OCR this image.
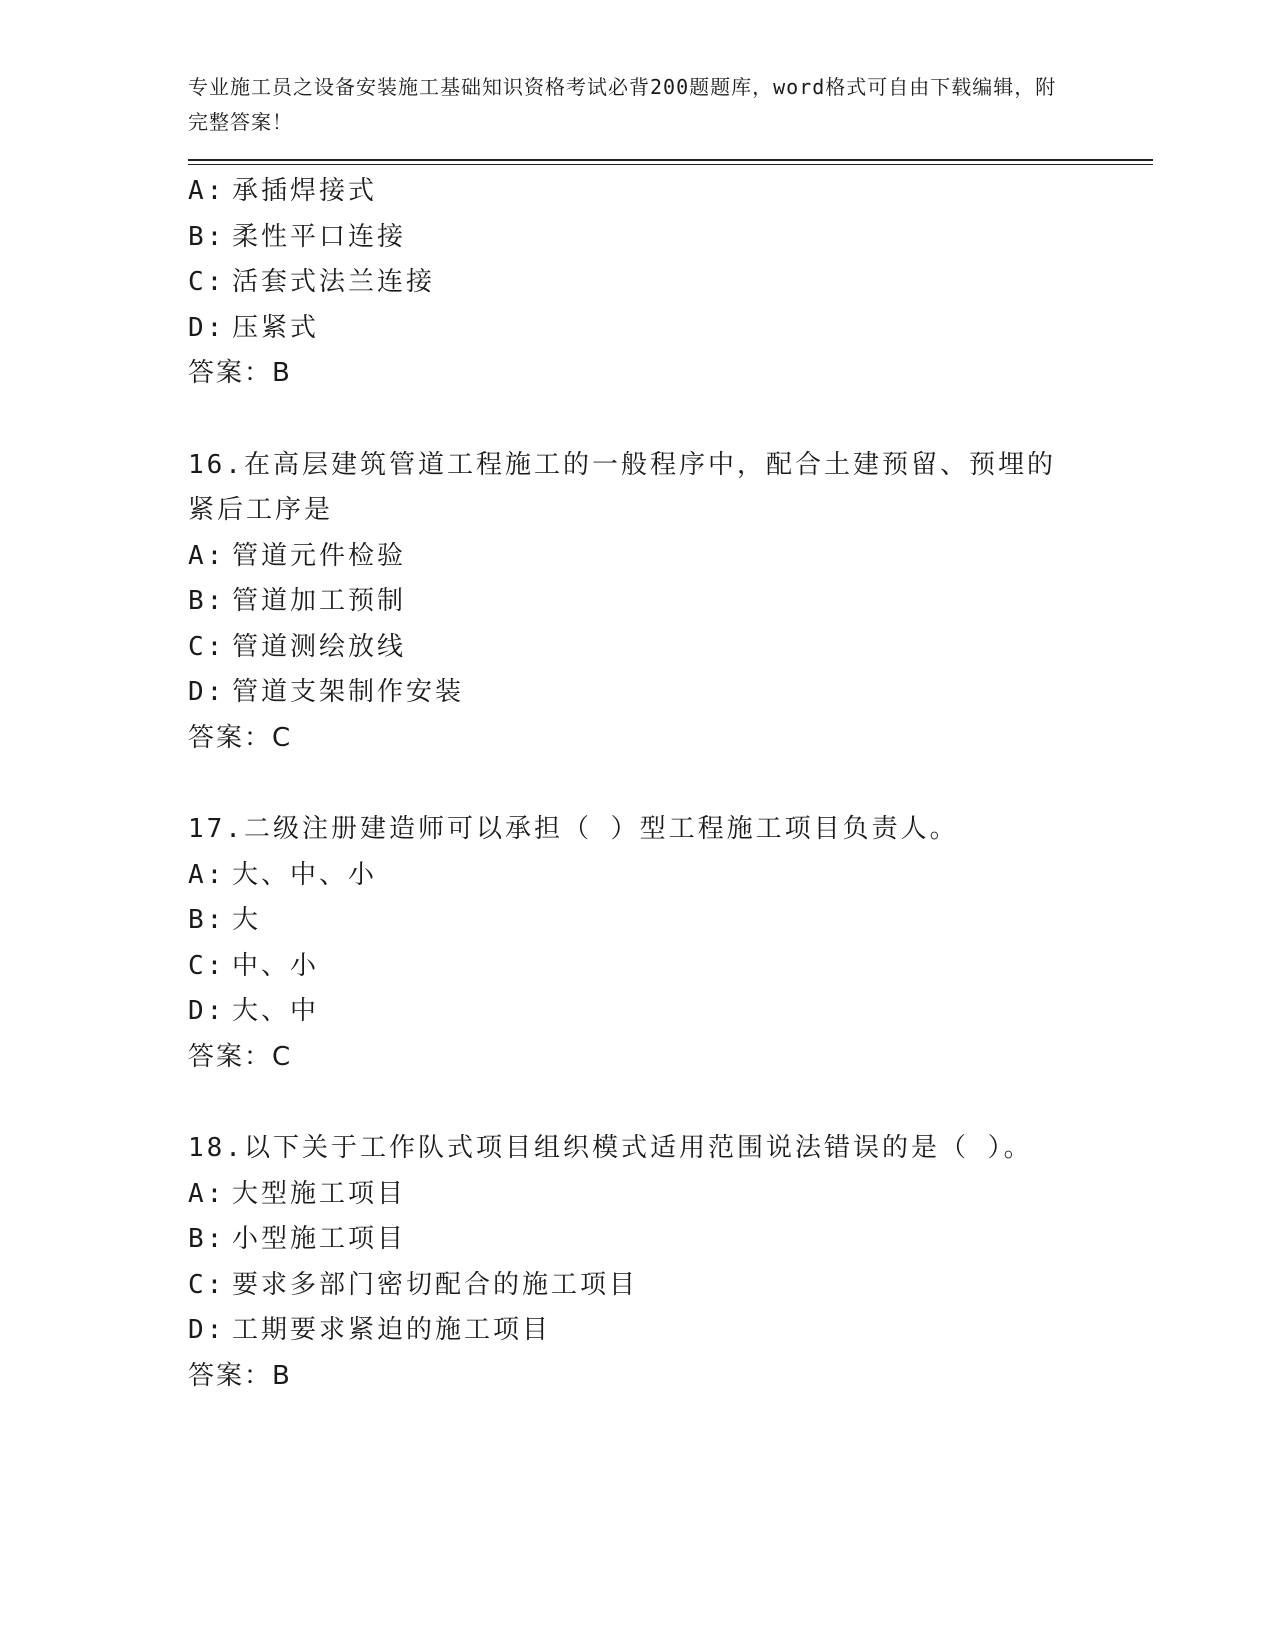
专业施工员之设备安装施工基础知识资格考试必背200题题库，word格式可自由下载编辑，附完整答案！
A: 承插焊接式
B: 柔性平口连接
C: 活套式法兰连接
D: 压紧式
答案：B
16.在高层建筑管道工程施工的一般程序中，配合土建预留、预埋的紧后工序是
A: 管道元件检验
B: 管道加工预制
C: 管道测绘放线
D: 管道支架制作安装
答案：C
17.二级注册建造师可以承担（ ）型工程施工项目负责人。
A: 大、中、小
B: 大
C: 中、小
D: 大、中
答案：C
18.以下关于工作队式项目组织模式适用范围说法错误的是（ ）。
A: 大型施工项目
B: 小型施工项目
C: 要求多部门密切配合的施工项目
D: 工期要求紧迫的施工项目
答案：B
